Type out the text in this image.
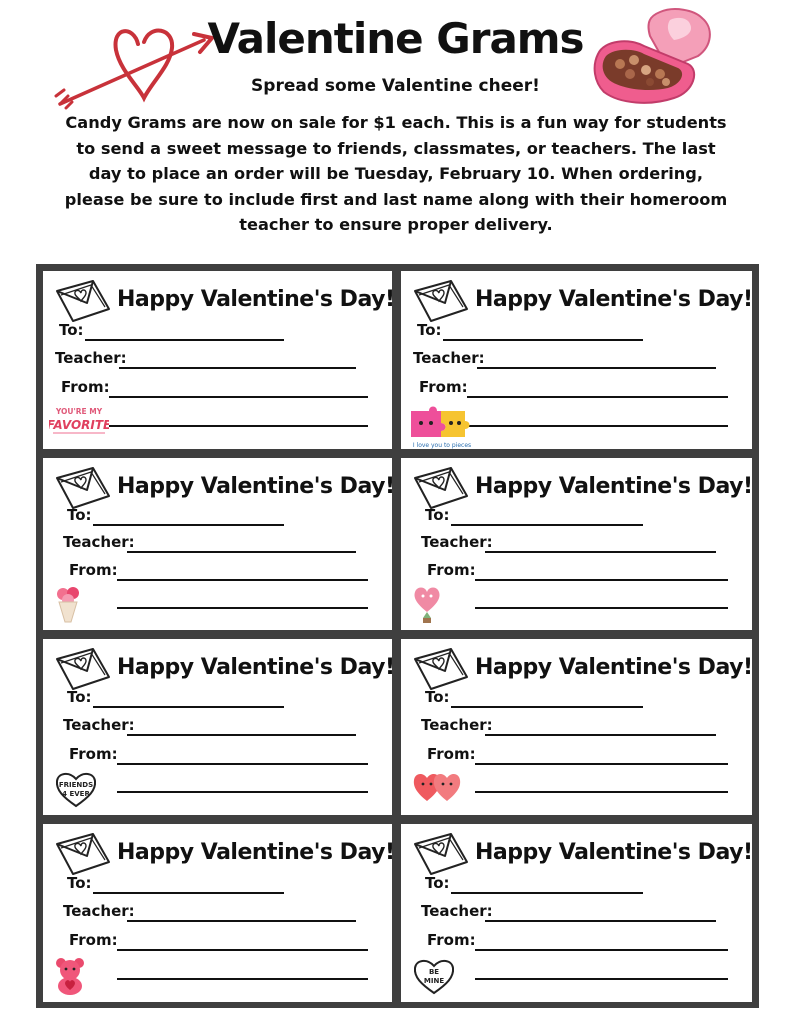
Valentine Grams
Spread some Valentine cheer!
Candy Grams are now on sale for $1 each. This is a fun way for students to send a sweet message to friends, classmates, or teachers. The last day to place an order will be Tuesday, February 10. When ordering, please be sure to include first and last name along with their homeroom teacher to ensure proper delivery.
Happy Valentine's Day!
To:
Teacher:
From:
YOU'RE MY
FAVORITE
Happy Valentine's Day!
To:
Teacher:
From:
I love you to pieces
Happy Valentine's Day!
To:
Teacher:
From:
Happy Valentine's Day!
To:
Teacher:
From:
Happy Valentine's Day!
To:
Teacher:
From:
FRIENDS
4 EVER
Happy Valentine's Day!
To:
Teacher:
From:
Happy Valentine's Day!
To:
Teacher:
From:
Happy Valentine's Day!
To:
Teacher:
From:
BE
MINE
